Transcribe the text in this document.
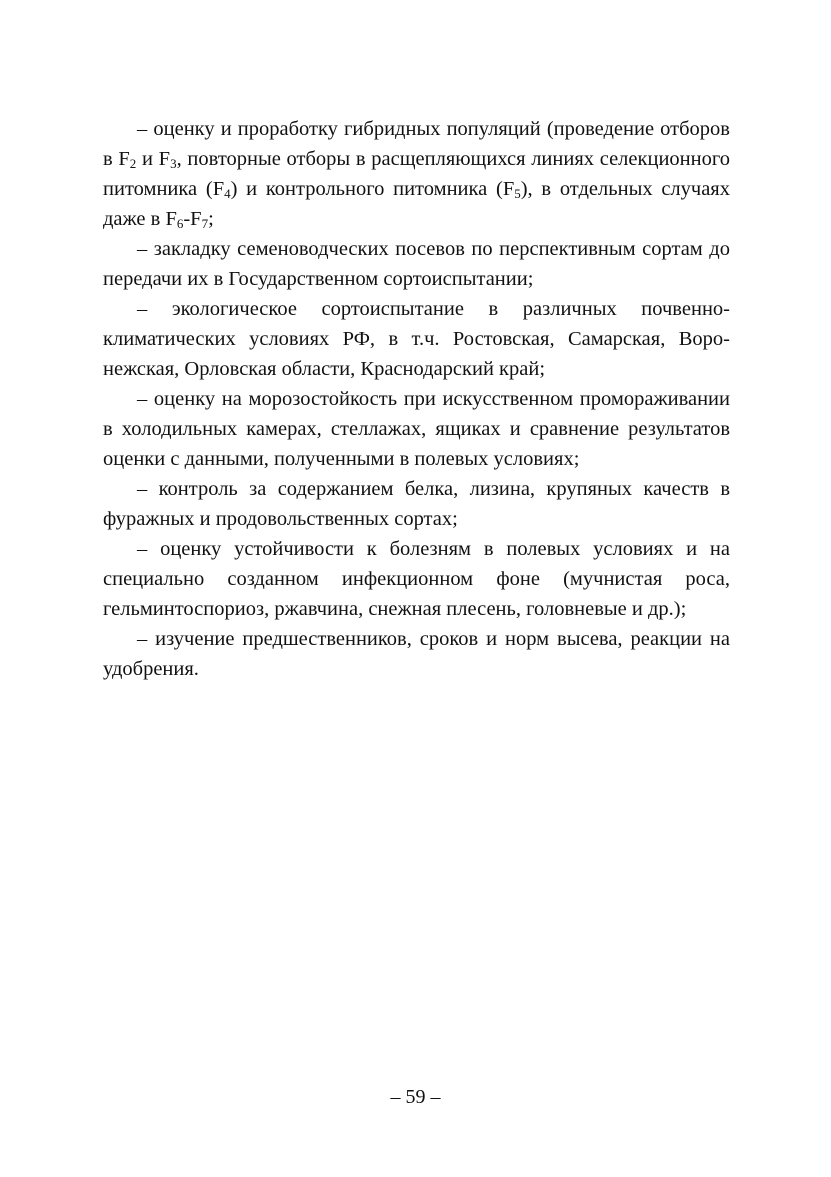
– оценку и проработку гибридных популяций (проведение отборов в $F_2$ и $F_3$, повторные отборы в расщепляющихся линиях селекционного питомника $(F_4)$ и контрольного питомника $(F_5)$, в отдельных случаях даже в $F_6-F_7$;

– закладку семеноводческих посевов по перспективным сортам до передачи их в Государственном сортоиспытании;

– экологическое сортоиспытание в различных почвенно-климатических условиях РФ, в т.ч. Ростовская, Самарская, Воронежская, Орловская области, Краснодарский край;

– оценку на морозостойкость при искусственном промораживании в холодильных камерах, стеллажах, ящиках и сравнение результатов оценки с данными, полученными в полевых условиях;

– контроль за содержанием белка, лизина, крупяных качеств в фуражных и продовольственных сортах;

– оценку устойчивости к болезням в полевых условиях и на специально созданном инфекционном фоне (мучнистая роса, гельминтоспориоз, ржавчина, снежная плесень, головневые и др.);

– изучение предшественников, сроков и норм высева, реакции на удобрения.

– 59 –
